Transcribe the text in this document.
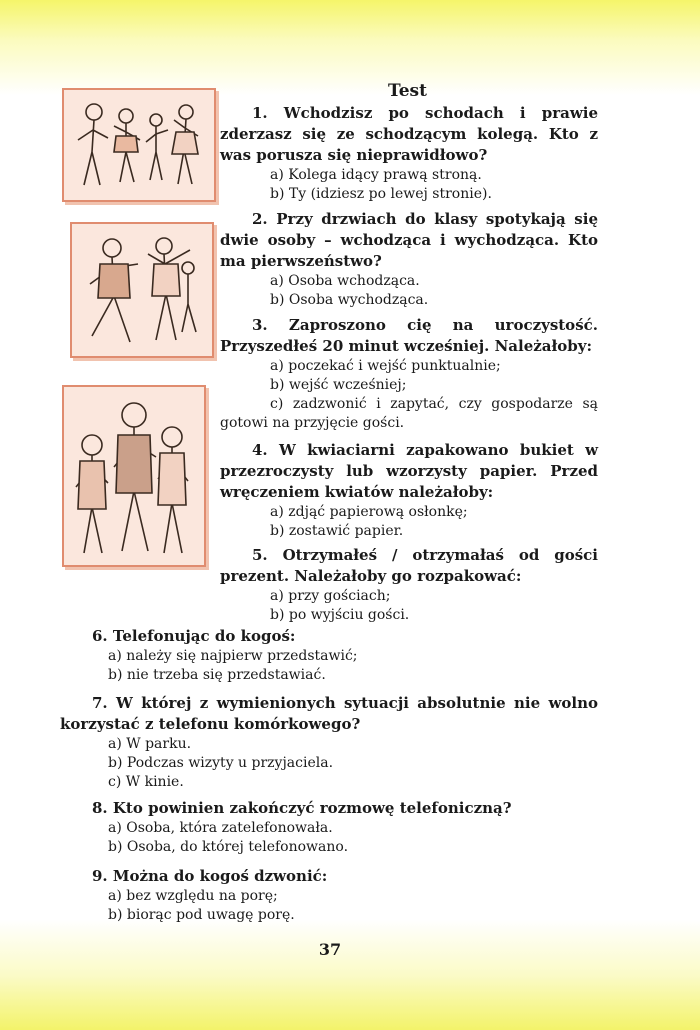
Test
1. Wchodzisz po schodach i prawie zderzasz się ze schodzącym kolegą. Kto z was porusza się nieprawidłowo?
a) Kolega idący prawą stroną.
b) Ty (idziesz po lewej stronie).
2. Przy drzwiach do klasy spotykają się dwie osoby – wchodząca i wychodząca. Kto ma pierwszeństwo?
a) Osoba wchodząca.
b) Osoba wychodząca.
3. Zaproszono cię na uroczystość. Przyszedłeś 20 minut wcześniej. Należałoby:
a) poczekać i wejść punktualnie;
b) wejść wcześniej;
c) zadzwonić i zapytać, czy gospodarze są gotowi na przyjęcie gości.
4. W kwiaciarni zapakowano bukiet w przezroczysty lub wzorzysty papier. Przed wręczeniem kwiatów należałoby:
a) zdjąć papierową osłonkę;
b) zostawić papier.
5. Otrzymałeś / otrzymałaś od gości prezent. Należałoby go rozpakować:
a) przy gościach;
b) po wyjściu gości.
6. Telefonując do kogoś:
a) należy się najpierw przedstawić;
b) nie trzeba się przedstawiać.
7. W której z wymienionych sytuacji absolutnie nie wolno korzystać z telefonu komórkowego?
a) W parku.
b) Podczas wizyty u przyjaciela.
c) W kinie.
8. Kto powinien zakończyć rozmowę telefoniczną?
a) Osoba, która zatelefonowała.
b) Osoba, do której telefonowano.
9. Można do kogoś dzwonić:
a) bez względu na porę;
b) biorąc pod uwagę porę.
37
